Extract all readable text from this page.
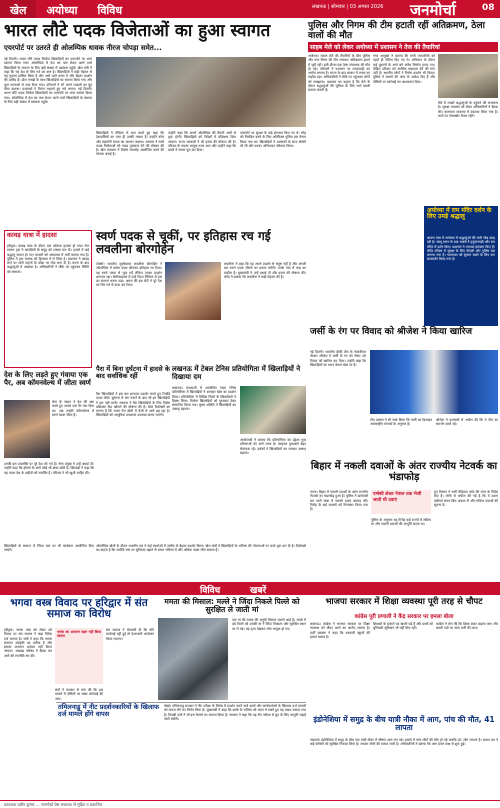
खेल	अयोध्या	विविध	लखनऊ | सोमवार | 03 अगस्त 2026 जनमोर्चा	08
भारत लौटे पदक विजेताओं का हुआ स्वागत
एयरपोर्ट पर उतरते ही ओलम्पिक धावक नीरज चोपड़ा समेत...
नई दिल्ली। भारत लौटे पदक विजेता खिलाड़ियों का एयरपोर्ट पर भव्य स्वागत किया गया। ओलम्पिक में देश का नाम रोशन करने वाले खिलाड़ियों के स्वागत के लिए बड़ी संख्या में प्रशंसक पहुंचे। खेल मंत्री ने कहा कि यह देश के लिए गर्व का क्षण है। खिलाड़ियों ने कड़ी मेहनत से यह मुकाम हासिल किया है और आने वाले समय में और बेहतर प्रदर्शन की उम्मीद है। ढोल नगाड़ों के साथ खिलाड़ियों का स्वागत किया गया और फूल मालाओं से लाद दिया गया। परिजनों ने भी अपने लाडलों का मुंह मीठा कराया। प्रशंसकों ने तिरंगा लहराते हुए नारे लगाए। नई दिल्ली। भारत लौटे पदक विजेता खिलाड़ियों का एयरपोर्ट पर भव्य स्वागत किया गया। ओलम्पिक में देश का नाम रोशन करने वाले खिलाड़ियों के स्वागत के लिए बड़ी संख्या में प्रशंसक पहुंचे।
खिलाड़ियों ने मीडिया से बात करते हुए कहा कि देशवासियों का प्यार ही उनकी ताकत है। उन्होंने कोच और सहयोगी स्टाफ का आभार जताया। सरकार ने सभी पदक विजेताओं को नकद पुरस्कार देने की घोषणा की है। खेल मंत्रालय ने विशेष समारोह आयोजित करने की योजना बनाई है।
उन्होंने कहा कि अगले ओलम्पिक की तैयारी अभी से शुरू होगी। खिलाड़ियों को विदेशों में प्रशिक्षण दिया जाएगा। राज्य सरकारों ने भी इनाम की घोषणा की है। परिवार के सदस्य भावुक नजर आए और उन्होंने कहा कि बच्चों ने सपना पूरा कर दिया।
एयरपोर्ट पर सुरक्षा के कड़े इंतजाम किए गए थे। भीड़ को नियंत्रित करने के लिए अतिरिक्त पुलिस बल तैनात किया गया था। खिलाड़ियों ने प्रशंसकों के साथ सेल्फी भी ली और उनका अभिवादन स्वीकार किया।
पुलिस और निगम की टीम हटाती रहीं अतिक्रमण, ठेला वालों की मौत
साहब मेले को लेकर अयोध्या में प्रशासन ने तेज की तैयारियां
अयोध्या। सावन मेले की तैयारियों के बीच पुलिस और नगर निगम की टीम लगातार अतिक्रमण हटाने में जुटी रही। इसी दौरान एक ठेला संचालक की मौत हो गई। परिजनों ने प्रशासन पर लापरवाही का आरोप लगाया है। घटना के बाद बाजार में तनाव का माहौल रहा। अधिकारियों ने मौके पर पहुंचकर लोगों को समझाया। प्रशासन का कहना है कि मेले के दौरान श्रद्धालुओं की सुविधा के लिए मार्ग खाली कराना जरूरी है।
नगर आयुक्त ने बताया कि सभी व्यापारियों को पहले ही नोटिस दिए गए थे। अभियान के दौरान कई दुकानों के आगे बने अवैध निर्माण हटाए गए। पीड़ित परिवार को आर्थिक सहायता देने की मांग उठी है। स्थानीय लोगों ने विरोध प्रदर्शन भी किया। पुलिस ने मामले की जांच के आदेश दिए हैं और दोषियों पर कार्रवाई का आश्वासन दिया।
मेले में लाखों श्रद्धालुओं के पहुंचने की संभावना है। सुरक्षा व्यवस्था को लेकर अधिकारियों ने बैठक की। यातायात व्यवस्था में बदलाव किया गया है। घाटों पर गोताखोर तैनात रहेंगे।
अयोध्या में राम मंदिर दर्शन के लिए उमड़े श्रद्धालु
श्रावण मास में अयोध्या में श्रद्धालुओं की भारी भीड़ उमड़ रही है। सरयू स्नान के बाद भक्तों ने हनुमानगढ़ी और राम मंदिर में दर्शन किए। प्रशासन ने व्यापक इंतजाम किए हैं। मंदिर परिसर में सुरक्षा के लिए पीएसी और पुलिस बल लगाया गया है। यातायात को सुचारु रखने के लिए रूट डायवर्जन किया गया है।
स्वर्ण पदक से चूकीं, पर इतिहास रच गई लवलीना बोरगोहेन
टोक्यो। भारतीय मुक्केबाज लवलीना बोरगोहेन ने ओलम्पिक में कांस्य पदक जीतकर इतिहास रच दिया। वह स्वर्ण पदक से चूक गईं लेकिन उनका प्रदर्शन शानदार रहा। सेमीफाइनल में उन्हें विश्व चैंपियन से हार का सामना करना पड़ा। असम की इस बेटी ने पूरे देश का सिर गर्व से ऊंचा कर दिया।
लवलीना ने कहा कि वह अपने प्रदर्शन से संतुष्ट नहीं हैं और अगली बार स्वर्ण पदक जीतने का प्रयास करेंगी। उनके गांव में जश्न का माहौल है। मुख्यमंत्री ने उन्हें बधाई दी और इनाम की घोषणा की। कोच ने बताया कि लवलीना ने कड़ी मेहनत की है।
कावड़ यात्रा में हादसा
हरिद्वार। कावड़ यात्रा के दौरान एक दर्दनाक हादसा हो गया। तेज रफ्तार ट्रक ने कांवड़ियों के समूह को टक्कर मार दी। हादसे में कई श्रद्धालु घायल हो गए। घायलों को अस्पताल में भर्ती कराया गया है। पुलिस ने ट्रक चालक को हिरासत में ले लिया है। प्रशासन ने कावड़ मार्ग पर भारी वाहनों के प्रवेश पर रोक लगा दी है। घटना के बाद श्रद्धालुओं में आक्रोश है। अधिकारियों ने मौके पर पहुंचकर स्थिति को संभाला।
देश के लिए लड़ते हुए गंवाया एक पैर, अब कॉमनवेल्थ में जीता स्वर्ण
सेना के जवान ने देश की रक्षा करते हुए अपना एक पैर गंवा दिया था। अब उन्होंने कॉमनवेल्थ में स्वर्ण पदक जीता है।
उनकी इस उपलब्धि पर पूरे देश को गर्व है। सेना प्रमुख ने उन्हें बधाई दी। उन्होंने कहा कि हौसले के आगे कोई भी बाधा छोटी है। खिलाड़ी ने कहा कि यह पदक देश के शहीदों को समर्पित है। परिवार ने भी खुशी जाहिर की।
पैरा में बिना दुर्घटना में हादसे के बाद सर्वाधिक रहीं
पैरा खिलाड़ियों ने इस बार शानदार प्रदर्शन करते हुए रिकॉर्ड पदक जीते। दुर्घटना में अंग गंवाने के बाद भी इन खिलाड़ियों ने हार नहीं मानी। सरकार ने पैरा खिलाड़ियों के लिए विशेष प्रशिक्षण केंद्र खोलने की घोषणा की है। खेल विशेषज्ञों का मानना है कि भारत पैरा खेलों में तेजी से आगे बढ़ रहा है। खिलाड़ियों को आधुनिक उपकरण उपलब्ध कराए जाएंगे।
लखनऊ में टेबल टेनिस प्रतियोगिता में खिलाड़ियों ने दिखाया दम
लखनऊ। राजधानी में आयोजित टेबल टेनिस प्रतियोगिता में खिलाड़ियों ने शानदार खेल का प्रदर्शन किया। प्रतियोगिता में विभिन्न जिलों के खिलाड़ियों ने हिस्सा लिया। विजेता खिलाड़ियों को पुरस्कार देकर सम्मानित किया गया। मुख्य अतिथि ने खिलाड़ियों का उत्साह बढ़ाया।
आयोजकों ने बताया कि प्रतियोगिता का उद्देश्य युवा प्रतिभाओं को आगे लाना है। फाइनल मुकाबले बेहद रोमांचक रहे। दर्शकों ने खिलाड़ियों का जमकर उत्साह बढ़ाया।
जर्सी के रंग पर विवाद को श्रीजेश ने किया खारिज
नई दिल्ली। भारतीय हॉकी टीम के गोलकीपर पीआर श्रीजेश ने जर्सी के रंग को लेकर उठे विवाद को खारिज कर दिया। उन्होंने कहा कि खिलाड़ियों का ध्यान केवल खेल पर है।
टीम प्रबंधन ने भी स्पष्ट किया कि जर्सी का डिजाइन अंतरराष्ट्रीय मानकों के अनुसार है।
श्रीजेश ने प्रशंसकों से अपील की कि वे टीम का समर्थन करते रहें।
बिहार में नकली दवाओं के अंतर राज्यीय नेटवर्क का भंडाफोड़
पटना। बिहार में नकली दवाओं के अंतर राज्यीय नेटवर्क का भंडाफोड़ हुआ है। पुलिस ने छापेमारी कर भारी मात्रा में नकली दवाएं बरामद कीं। गिरोह के कई सदस्यों को गिरफ्तार किया गया है।
एम्बेसी लेकर नेपाल तक भेजी जाती थी दवाएं
पुलिस के अनुसार यह गिरोह कई राज्यों में सक्रिय था और नकली दवाओं की आपूर्ति करता था।
ड्रग विभाग ने सभी मेडिकल स्टोर की जांच के निर्देश दिए हैं। लोगों से अपील की गई है कि वे दवाएं खरीदते समय बिल अवश्य लें और संदिग्ध दवाओं की सूचना दें।
ओलम्पिक खेलों के दौरान भारतीय दल ने कई स्पर्धाओं में उम्मीद से बेहतर प्रदर्शन किया। खेल संघों ने खिलाड़ियों के भविष्य की योजनाओं पर चर्चा शुरू कर दी है। विशेषज्ञों का कहना है कि जमीनी स्तर पर सुविधाएं बढ़ाने से भारत भविष्य में और अधिक पदक जीत सकता है।
खिलाड़ियों के सम्मान में जिला स्तर पर भी कार्यक्रम आयोजित किए जाएंगे।
विविध	खबरें
भगवा वस्त्र विवाद पर हरिद्वार में संत समाज का विरोध
हरिद्वार। भगवा वस्त्र को लेकर उठे विवाद पर संत समाज ने कड़ा विरोध दर्ज कराया है। संतों ने कहा कि भगवा सनातन संस्कृति का प्रतीक है और इसका अपमान बर्दाश्त नहीं किया जाएगा। अखाड़ा परिषद ने बैठक कर आगे की रणनीति तय की।
भगवा का अपमान सहन नहीं किया जाएगा
संतों ने सरकार से मांग की कि इस मामले में दोषियों पर सख्त कार्रवाई की जाए।
संत समाज ने चेतावनी दी कि यदि कार्रवाई नहीं हुई तो देशव्यापी आंदोलन किया जाएगा।
तमिलनाडु में नीट प्रदर्शनकारियों के खिलाफ दर्ज मामले होंगे वापस
चेन्नई। तमिलनाडु सरकार ने नीट परीक्षा के विरोध में प्रदर्शन करने वाले छात्रों और कार्यकर्ताओं के खिलाफ दर्ज मामलों को वापस लेने का निर्णय लिया है। मुख्यमंत्री ने कहा कि छात्रों के भविष्य को ध्यान में रखते हुए यह कदम उठाया गया है। विपक्षी दलों ने भी इस फैसले का स्वागत किया है। सरकार ने कहा कि वह नीट परीक्षा से छूट के लिए कानूनी लड़ाई जारी रखेगी।
ममता की मिसाल: मल्ले ने जिंदा निकले पिल्ले को सुरक्षित ले जाती मां
एक मां की ममता की अनूठी मिसाल सामने आई है। मलबे में दबे पिल्ले को उसकी मां ने जिंदा निकाला और सुरक्षित स्थान पर ले गई। यह दृश्य देखकर लोग भावुक हो गए।
भाजपा सरकार में शिक्षा व्यवस्था पूरी तरह से चौपट
कांग्रेस पूरी प्रणाली ने केंद्र सरकार पर हमला बोला
लखनऊ। कांग्रेस ने भाजपा सरकार पर शिक्षा व्यवस्था को चौपट करने का आरोप लगाया है। पार्टी प्रवक्ता ने कहा कि सरकारी स्कूलों की हालत खराब है।
शिक्षकों के हजारों पद खाली पड़े हैं और छात्रों को बुनियादी सुविधाएं भी नहीं मिल रहीं।
कांग्रेस ने मांग की कि शिक्षा बजट बढ़ाया जाए और खाली पदों पर जल्द भर्ती की जाए।
इंडोनेशिया में समुद्र के बीच यात्री नौका में आग, पांच की मौत, 41 लापता
जकार्ता। इंडोनेशिया में समुद्र के बीच एक यात्री नौका में भीषण आग लग गई। हादसे में पांच लोगों की मौत हो गई जबकि 41 लोग लापता हैं। बचाव दल ने कई यात्रियों को सुरक्षित निकाल लिया है। लापता लोगों की तलाश जारी है। अधिकारियों ने बताया कि आग इंजन कक्ष से शुरू हुई।
प्रकाशक प्रदीप कुमार ... जनमोर्चा प्रेस लखनऊ से मुद्रित व प्रकाशित
